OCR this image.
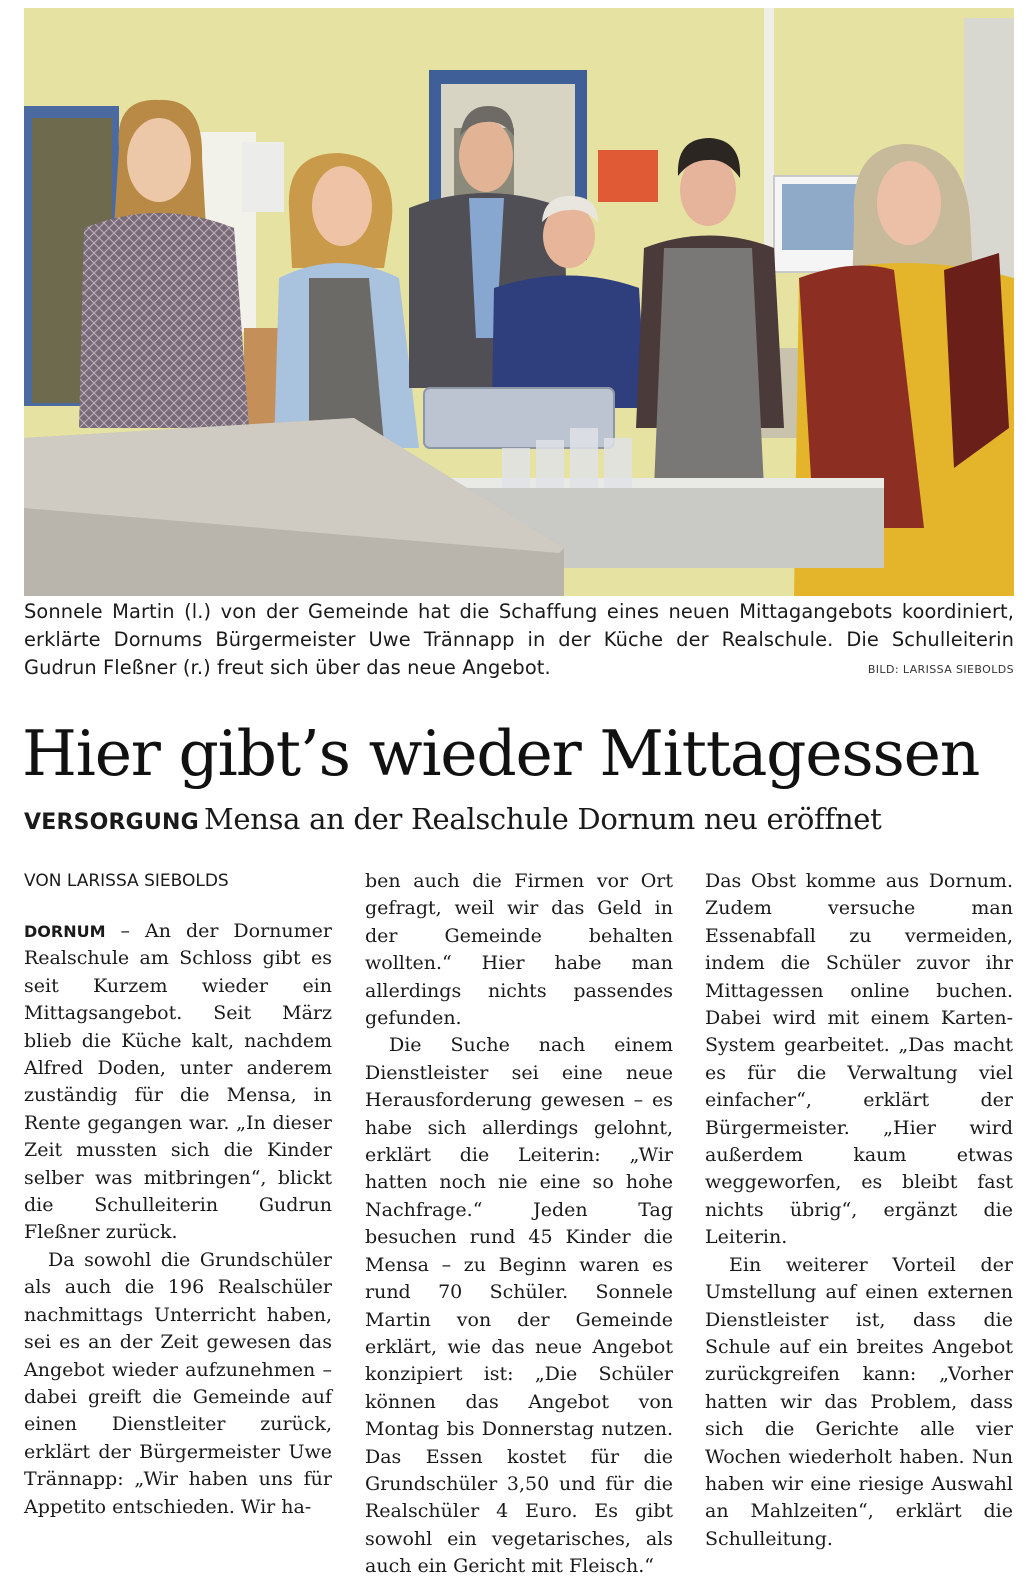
Sonnele Martin (l.) von der Gemeinde hat die Schaffung eines neuen Mittagangebots koordiniert, erklärte Dornums Bürgermeister Uwe Trännapp in der Küche der Realschule. Die Schulleiterin Gudrun Fleßner (r.) freut sich über das neue Angebot.	BILD: LARISSA SIEBOLDS
Hier gibt’s wieder Mittagessen
VERSORGUNG Mensa an der Realschule Dornum neu eröffnet

VON LARISSA SIEBOLDS

DORNUM – An der Dornumer Realschule am Schloss gibt es seit Kurzem wieder ein Mittagsangebot. Seit März blieb die Küche kalt, nachdem Alfred Doden, unter anderem zuständig für die Mensa, in Rente gegangen war. „In dieser Zeit mussten sich die Kinder selber was mitbringen“, blickt die Schulleiterin Gudrun Fleßner zurück.

Da sowohl die Grundschüler als auch die 196 Realschüler nachmittags Unterricht haben, sei es an der Zeit gewesen das Angebot wieder aufzunehmen – dabei greift die Gemeinde auf einen Dienstleiter zurück, erklärt der Bürgermeister Uwe Trännapp: „Wir haben uns für Appetito entschieden. Wir ha-

ben auch die Firmen vor Ort gefragt, weil wir das Geld in der Gemeinde behalten wollten.“ Hier habe man allerdings nichts passendes gefunden.

Die Suche nach einem Dienstleister sei eine neue Herausforderung gewesen – es habe sich allerdings gelohnt, erklärt die Leiterin: „Wir hatten noch nie eine so hohe Nachfrage.“ Jeden Tag besuchen rund 45 Kinder die Mensa – zu Beginn waren es rund 70 Schüler. Sonnele Martin von der Gemeinde erklärt, wie das neue Angebot konzipiert ist: „Die Schüler können das Angebot von Montag bis Donnerstag nutzen. Das Essen kostet für die Grundschüler 3,50 und für die Realschüler 4 Euro. Es gibt sowohl ein vegetarisches, als auch ein Gericht mit Fleisch.“

Das Obst komme aus Dornum. Zudem versuche man Essenabfall zu vermeiden, indem die Schüler zuvor ihr Mittagessen online buchen. Dabei wird mit einem Karten-System gearbeitet. „Das macht es für die Verwaltung viel einfacher“, erklärt der Bürgermeister. „Hier wird außerdem kaum etwas weggeworfen, es bleibt fast nichts übrig“, ergänzt die Leiterin.

Ein weiterer Vorteil der Umstellung auf einen externen Dienstleister ist, dass die Schule auf ein breites Angebot zurückgreifen kann: „Vorher hatten wir das Problem, dass sich die Gerichte alle vier Wochen wiederholt haben. Nun haben wir eine riesige Auswahl an Mahlzeiten“, erklärt die Schulleitung.
